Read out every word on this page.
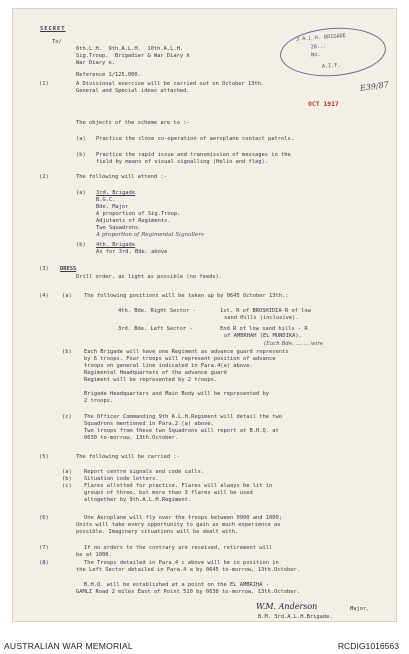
SECRET
To/
6th.L.H.  9th.A.L.H.  10th.A.L.H.
Sig.Troop.  Brigadier & War Diary h
War Diary e.
3 A.L.H. BRIGADE
20...
No.
A.I.F.
E39/87
OCT 1917
Reference 1/125,000.
(1)	A Divisional exercise will be carried out on October 13th.
General and Special ideas attached.
The objects of the scheme are to :-
(a) Practice the close co-operation of aeroplane contact patrols.
(b) Practice the rapid issue and transmission of messages in the
field by means of visual signalling (Helio and flag).
(2)	The following will attend :-
(a) 3rd. Brigade
B.G.C.
Bde. Major
A proportion of Sig.Troop.
Adjutants of Regiments.
Two Squadrons.
A proportion of Regimental Signallers
(b) 4th. Brigade
As for 3rd. Bde. above
(3) DRESS
Drill order, as light as possible (no feeds).
(4) (a) The following positions will be taken up by 0645 October 13th.:
4th. Bde. Right Sector -	1st. R of BROSHIDIA-R of low
sand Hills (inclusive).
3rd. Bde. Left Sector -	End R of low sand hills - R
of AMBRHAH (EL MUNDIKA).
(Each Bde. .... ... wire
(b) Each Brigade will have one Regiment as advance guard represents
by 6 troops. Four troops will represent position of advance
troops on general line indicated in Para.4(a) above.
Regimental Headquarters of the advance guard
Regiment will be represented by 2 troops.
Brigade Headquarters and Main Body will be represented by
2 troops.
(c) The Officer Commanding 9th A.L.H.Regiment will detail the two
Squadrons mentioned in Para.2 (a) above.
Two troops from these two Squadrons will report at B.H.Q. at
0630 to-morrow, 13th.October.
(5)	The following will be carried :-
(a) Report centre signals and code calls.
(b) Situation code letters.
(c) Flares allotted for practice. Flares will always be lit in
groups of three, but more than 3 flares will be used
altogether by 9th.A.L.H.Regiment.
(6)	One Aeroplane will fly over the troops between 0900 and 1000;
Units will take every opportunity to gain as much experience as
possible. Imaginary situations will be dealt with.
(7)	If no orders to the contrary are received, retirement will
be at 1000.
(8)	The Troops detailed in Para.4 c above will be in position in
the Left Sector detailed in Para.4 a by 0645 to-morrow, 13th.October.
B.H.Q. will be established at a point on the EL AMBRIHA -
GAMLI Road 2 miles East of Point 510 by 0630 to-morrow, 13th.October.
W.M. Anderson	Major,
B.M. 3rd.A.L.H.Brigade.
AUSTRALIAN WAR MEMORIAL	RCDIG1016563
